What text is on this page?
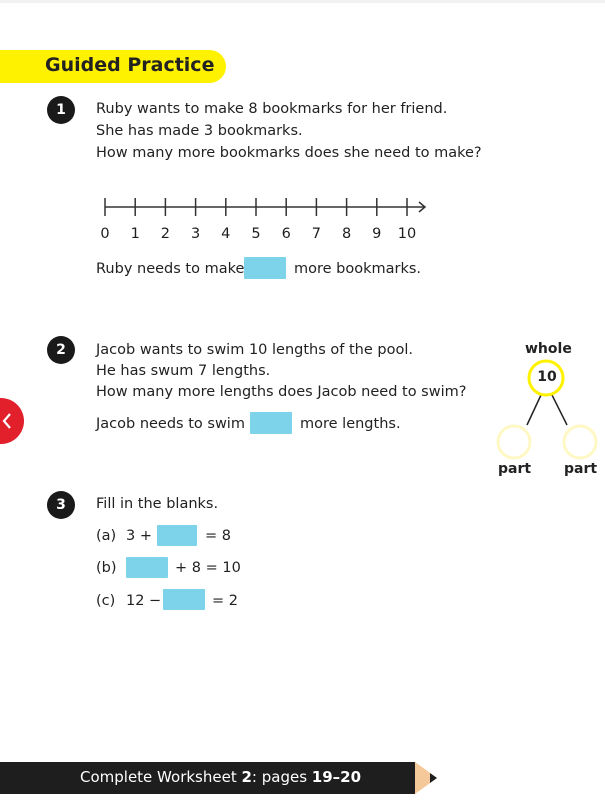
Guided Practice
1	Ruby wants to make 8 bookmarks for her friend.
She has made 3 bookmarks.
How many more bookmarks does she need to make?
0 1 2 3 4 5 6 7 8 9 10
Ruby needs to make	more bookmarks.
2	Jacob wants to swim 10 lengths of the pool.
He has swum 7 lengths.
How many more lengths does Jacob need to swim?
Jacob needs to swim	more lengths.
whole
10
part part
3	Fill in the blanks.
(a) 3 +	= 8
(b)	+ 8 = 10
(c) 12 −	= 2
Complete Worksheet 2: pages 19–20
